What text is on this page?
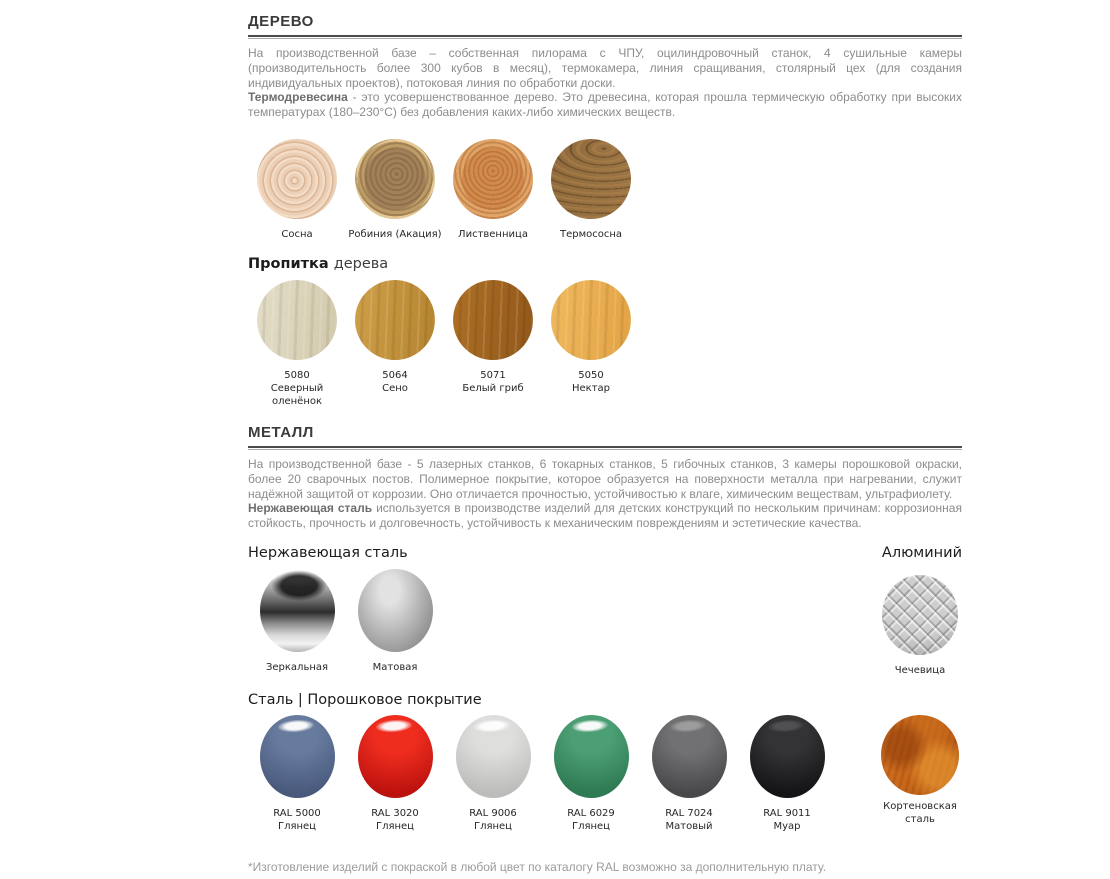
ДЕРЕВО

На производственной базе – собственная пилорама с ЧПУ, оцилиндровочный станок, 4 сушильные камеры (производительность более 300 кубов в месяц), термокамера, линия сращивания, столярный цех (для создания индивидуальных проектов), потоковая линия по обработки доски.

Термодревесина - это усовершенствованное дерево. Это древесина, которая прошла термическую обработку при высоких температурах (180–230°C) без добавления каких-либо химических веществ.

Сосна	Робиния (Акация) Лиственница	Термососна
Пропитка дерева
5080
Северный оленёнок
5064
Сено
5071
Белый гриб
5050
Нектар
МЕТАЛЛ

На производственной базе - 5 лазерных станков, 6 токарных станков, 5 гибочных станков, 3 камеры порошковой окраски, более 20 сварочных постов. Полимерное покрытие, которое образуется на поверхности металла при нагревании, служит надёжной защитой от коррозии. Оно отличается прочностью, устойчивостью к влаге, химическим веществам, ультрафиолету.

Нержавеющая сталь используется в производстве изделий для детских конструкций по нескольким причинам: коррозионная стойкость, прочность и долговечность, устойчивость к механическим повреждениям и эстетические качества.

Нержавеющая сталь
Зеркальная	Матовая
Алюминий
Чечевица
Сталь | Порошковое покрытие
RAL 5000
Глянец
RAL 3020
Глянец
RAL 9006
Глянец
RAL 6029
Глянец
RAL 7024
Матовый
RAL 9011
Муар
Кортеновская
сталь
*Изготовление изделий с покраской в любой цвет по каталогу RAL возможно за дополнительную плату.
